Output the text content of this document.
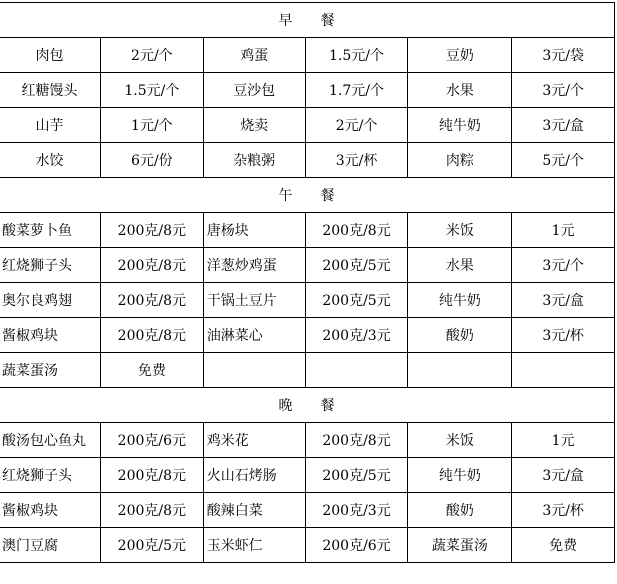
早　　餐					
肉包	2元/个	鸡蛋	1.5元/个	豆奶	3元/袋
红糖馒头	1.5元/个	豆沙包	1.7元/个	水果	3元/个
山芋	1元/个	烧卖	2元/个	纯牛奶	3元/盒
水饺	6元/份	杂粮粥	3元/杯	肉粽	5元/个
午　　餐					
酸菜萝卜鱼	200克/8元	唐杨块	200克/8元	米饭	1元
红烧狮子头	200克/8元	洋葱炒鸡蛋	200克/5元	水果	3元/个
奥尔良鸡翅	200克/8元	干锅土豆片	200克/5元	纯牛奶	3元/盒
酱椒鸡块	200克/8元	油淋菜心	200克/3元	酸奶	3元/杯
蔬菜蛋汤	免费				
晚　　餐					
酸汤包心鱼丸	200克/6元	鸡米花	200克/8元	米饭	1元
红烧狮子头	200克/8元	火山石烤肠	200克/5元	纯牛奶	3元/盒
酱椒鸡块	200克/8元	酸辣白菜	200克/3元	酸奶	3元/杯
澳门豆腐	200克/5元	玉米虾仁	200克/6元	蔬菜蛋汤	免费
